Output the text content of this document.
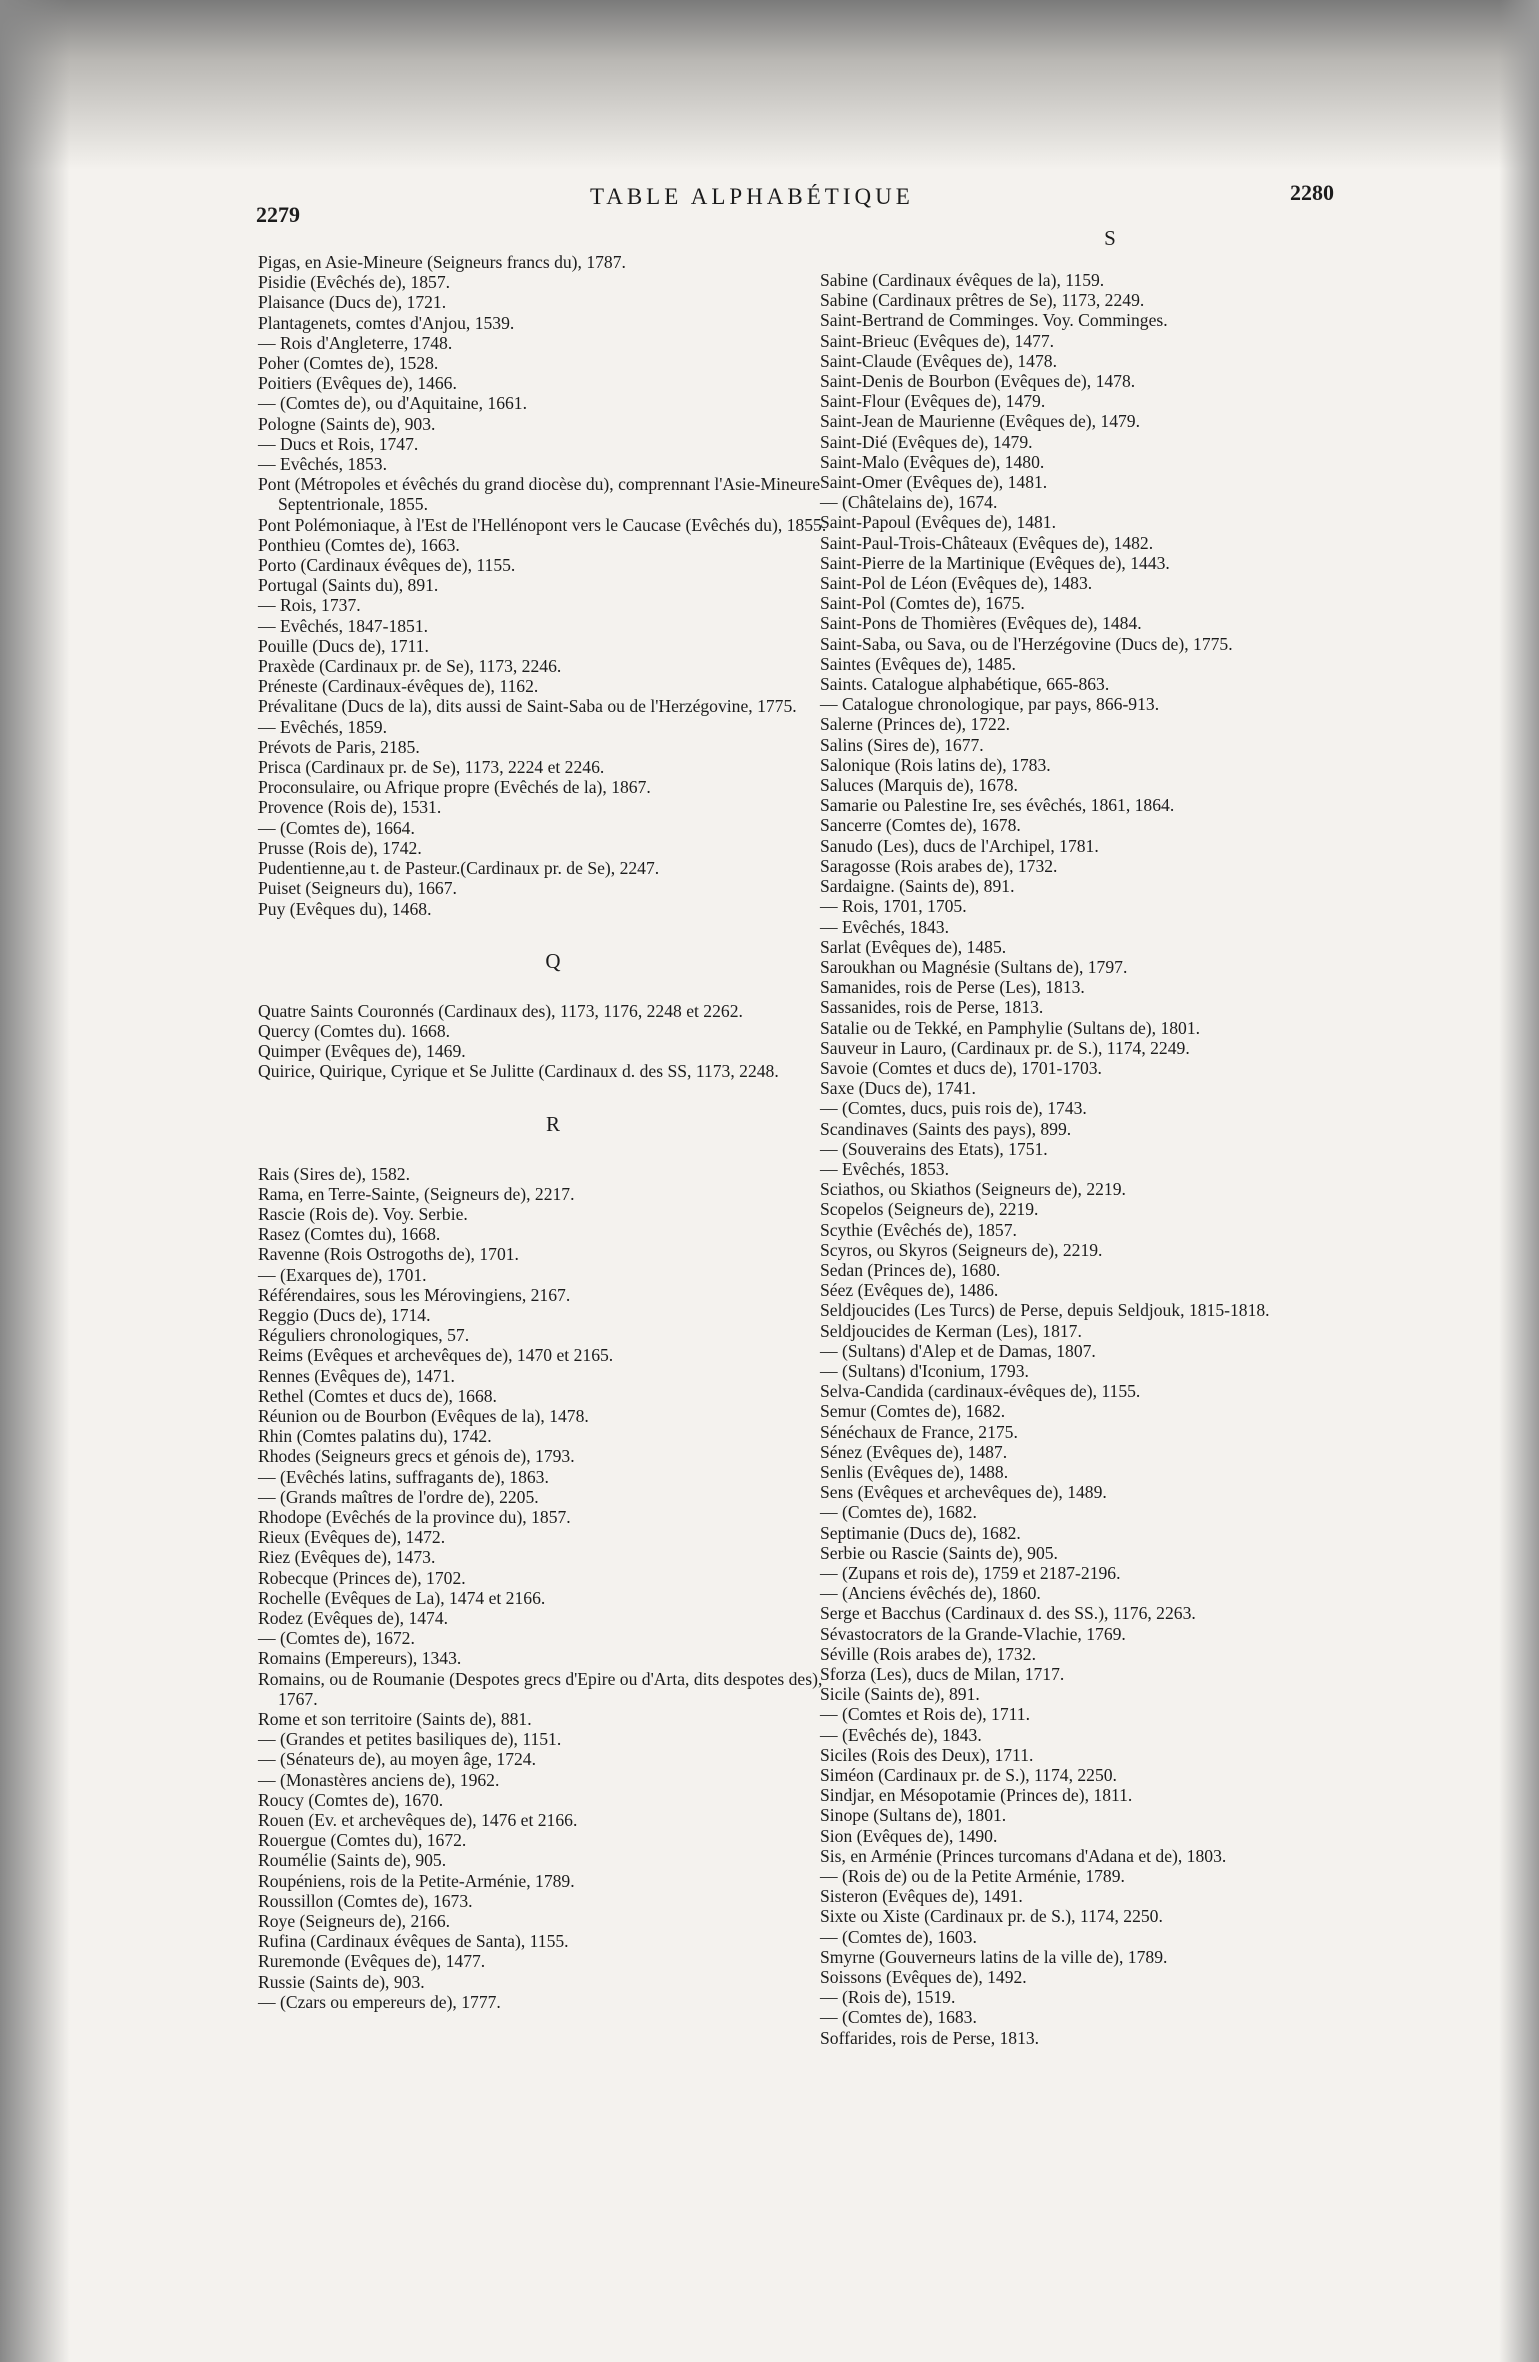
2279
TABLE ALPHABÉTIQUE	2280

Pigas, en Asie-Mineure (Seigneurs francs du), 1787.

Pisidie (Evêchés de), 1857.

Plaisance (Ducs de), 1721.

Plantagenets, comtes d'Anjou, 1539.

— Rois d'Angleterre, 1748.

Poher (Comtes de), 1528.

Poitiers (Evêques de), 1466.

— (Comtes de), ou d'Aquitaine, 1661.

Pologne (Saints de), 903.

— Ducs et Rois, 1747.

— Evêchés, 1853.

Pont (Métropoles et évêchés du grand diocèse du), comprennant l'Asie-Mineure Septentrionale, 1855.

Pont Polémoniaque, à l'Est de l'Hellénopont vers le Caucase (Evêchés du), 1855.

Ponthieu (Comtes de), 1663.

Porto (Cardinaux évêques de), 1155.

Portugal (Saints du), 891.

— Rois, 1737.

— Evêchés, 1847-1851.

Pouille (Ducs de), 1711.

Praxède (Cardinaux pr. de Se), 1173, 2246.

Préneste (Cardinaux-évêques de), 1162.

Prévalitane (Ducs de la), dits aussi de Saint-Saba ou de l'Herzégovine, 1775.

— Evêchés, 1859.

Prévots de Paris, 2185.

Prisca (Cardinaux pr. de Se), 1173, 2224 et 2246.

Proconsulaire, ou Afrique propre (Evêchés de la), 1867.

Provence (Rois de), 1531.

— (Comtes de), 1664.

Prusse (Rois de), 1742.

Pudentienne,au t. de Pasteur.(Cardinaux pr. de Se), 2247.

Puiset (Seigneurs du), 1667.

Puy (Evêques du), 1468.

Q

Quatre Saints Couronnés (Cardinaux des), 1173, 1176, 2248 et 2262.

Quercy (Comtes du). 1668.

Quimper (Evêques de), 1469.

Quirice, Quirique, Cyrique et Se Julitte (Cardinaux d. des SS, 1173, 2248.

R

Rais (Sires de), 1582.

Rama, en Terre-Sainte, (Seigneurs de), 2217.

Rascie (Rois de). Voy. Serbie.

Rasez (Comtes du), 1668.

Ravenne (Rois Ostrogoths de), 1701.

— (Exarques de), 1701.

Référendaires, sous les Mérovingiens, 2167.

Reggio (Ducs de), 1714.

Réguliers chronologiques, 57.

Reims (Evêques et archevêques de), 1470 et 2165.

Rennes (Evêques de), 1471.

Rethel (Comtes et ducs de), 1668.

Réunion ou de Bourbon (Evêques de la), 1478.

Rhin (Comtes palatins du), 1742.

Rhodes (Seigneurs grecs et génois de), 1793.

— (Evêchés latins, suffragants de), 1863.

— (Grands maîtres de l'ordre de), 2205.

Rhodope (Evêchés de la province du), 1857.

Rieux (Evêques de), 1472.

Riez (Evêques de), 1473.

Robecque (Princes de), 1702.

Rochelle (Evêques de La), 1474 et 2166.

Rodez (Evêques de), 1474.

— (Comtes de), 1672.

Romains (Empereurs), 1343.

Romains, ou de Roumanie (Despotes grecs d'Epire ou d'Arta, dits despotes des), 1767.

Rome et son territoire (Saints de), 881.

— (Grandes et petites basiliques de), 1151.

— (Sénateurs de), au moyen âge, 1724.

— (Monastères anciens de), 1962.

Roucy (Comtes de), 1670.

Rouen (Ev. et archevêques de), 1476 et 2166.

Rouergue (Comtes du), 1672.

Roumélie (Saints de), 905.

Roupéniens, rois de la Petite-Arménie, 1789.

Roussillon (Comtes de), 1673.

Roye (Seigneurs de), 2166.

Rufina (Cardinaux évêques de Santa), 1155.

Ruremonde (Evêques de), 1477.

Russie (Saints de), 903.

— (Czars ou empereurs de), 1777.

S

Sabine (Cardinaux évêques de la), 1159.

Sabine (Cardinaux prêtres de Se), 1173, 2249.

Saint-Bertrand de Comminges. Voy. Comminges.

Saint-Brieuc (Evêques de), 1477.

Saint-Claude (Evêques de), 1478.

Saint-Denis de Bourbon (Evêques de), 1478.

Saint-Flour (Evêques de), 1479.

Saint-Jean de Maurienne (Evêques de), 1479.

Saint-Dié (Evêques de), 1479.

Saint-Malo (Evêques de), 1480.

Saint-Omer (Evêques de), 1481.

— (Châtelains de), 1674.

Saint-Papoul (Evêques de), 1481.

Saint-Paul-Trois-Châteaux (Evêques de), 1482.

Saint-Pierre de la Martinique (Evêques de), 1443.

Saint-Pol de Léon (Evêques de), 1483.

Saint-Pol (Comtes de), 1675.

Saint-Pons de Thomières (Evêques de), 1484.

Saint-Saba, ou Sava, ou de l'Herzégovine (Ducs de), 1775.

Saintes (Evêques de), 1485.

Saints. Catalogue alphabétique, 665-863.

— Catalogue chronologique, par pays, 866-913.

Salerne (Princes de), 1722.

Salins (Sires de), 1677.

Salonique (Rois latins de), 1783.

Saluces (Marquis de), 1678.

Samarie ou Palestine Ire, ses évêchés, 1861, 1864.

Sancerre (Comtes de), 1678.

Sanudo (Les), ducs de l'Archipel, 1781.

Saragosse (Rois arabes de), 1732.

Sardaigne. (Saints de), 891.

— Rois, 1701, 1705.

— Evêchés, 1843.

Sarlat (Evêques de), 1485.

Saroukhan ou Magnésie (Sultans de), 1797.

Samanides, rois de Perse (Les), 1813.

Sassanides, rois de Perse, 1813.

Satalie ou de Tekké, en Pamphylie (Sultans de), 1801.

Sauveur in Lauro, (Cardinaux pr. de S.), 1174, 2249.

Savoie (Comtes et ducs de), 1701-1703.

Saxe (Ducs de), 1741.

— (Comtes, ducs, puis rois de), 1743.

Scandinaves (Saints des pays), 899.

— (Souverains des Etats), 1751.

— Evêchés, 1853.

Sciathos, ou Skiathos (Seigneurs de), 2219.

Scopelos (Seigneurs de), 2219.

Scythie (Evêchés de), 1857.

Scyros, ou Skyros (Seigneurs de), 2219.

Sedan (Princes de), 1680.

Séez (Evêques de), 1486.

Seldjoucides (Les Turcs) de Perse, depuis Seldjouk, 1815-1818.

Seldjoucides de Kerman (Les), 1817.

— (Sultans) d'Alep et de Damas, 1807.

— (Sultans) d'Iconium, 1793.

Selva-Candida (cardinaux-évêques de), 1155.

Semur (Comtes de), 1682.

Sénéchaux de France, 2175.

Sénez (Evêques de), 1487.

Senlis (Evêques de), 1488.

Sens (Evêques et archevêques de), 1489.

— (Comtes de), 1682.

Septimanie (Ducs de), 1682.

Serbie ou Rascie (Saints de), 905.

— (Zupans et rois de), 1759 et 2187-2196.

— (Anciens évêchés de), 1860.

Serge et Bacchus (Cardinaux d. des SS.), 1176, 2263.

Sévastocrators de la Grande-Vlachie, 1769.

Séville (Rois arabes de), 1732.

Sforza (Les), ducs de Milan, 1717.

Sicile (Saints de), 891.

— (Comtes et Rois de), 1711.

— (Evêchés de), 1843.

Siciles (Rois des Deux), 1711.

Siméon (Cardinaux pr. de S.), 1174, 2250.

Sindjar, en Mésopotamie (Princes de), 1811.

Sinope (Sultans de), 1801.

Sion (Evêques de), 1490.

Sis, en Arménie (Princes turcomans d'Adana et de), 1803.

— (Rois de) ou de la Petite Arménie, 1789.

Sisteron (Evêques de), 1491.

Sixte ou Xiste (Cardinaux pr. de S.), 1174, 2250.

— (Comtes de), 1603.

Smyrne (Gouverneurs latins de la ville de), 1789.

Soissons (Evêques de), 1492.

— (Rois de), 1519.

— (Comtes de), 1683.

Soffarides, rois de Perse, 1813.
